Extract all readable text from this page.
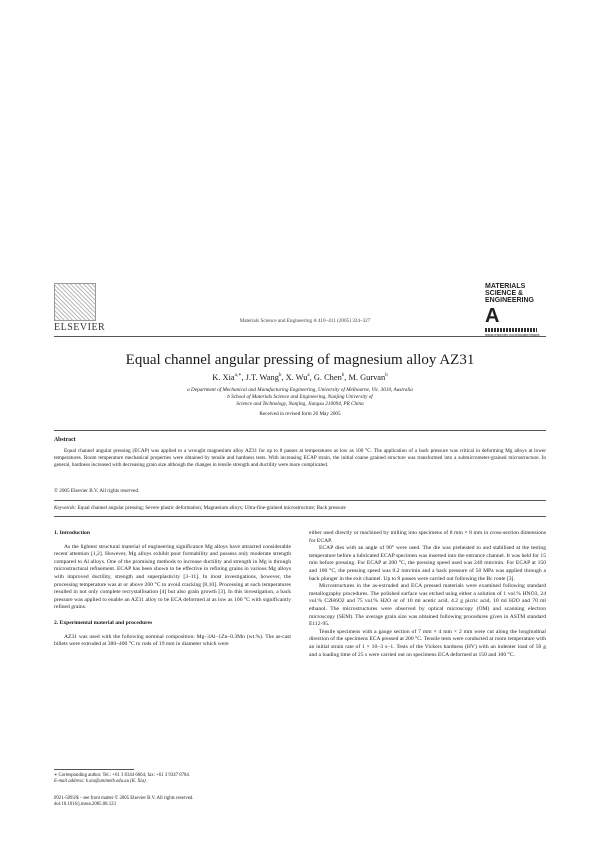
ELSEVIER
Materials Science and Engineering A 410–411 (2005) 324–327
MATERIALS
SCIENCE &
ENGINEERING
A
www.elsevier.com/locate/msea
Equal channel angular pressing of magnesium alloy AZ31
K. Xia$^{a,∗}$, J.T. Wang$^b$, X. Wu$^a$, G. Chen$^b$, M. Gurvan$^b$
a Department of Mechanical and Manufacturing Engineering, University of Melbourne, Vic. 3010, Australia
b School of Materials Science and Engineering, Nanjing University of
Science and Technology, Nanjing, Jiangsu 210094, PR China
Received in revised form 26 May 2005
Abstract
Equal channel angular pressing (ECAP) was applied to a wrought magnesium alloy AZ31 for up to 8 passes at temperatures as low as 100 °C. The application of a back pressure was critical in deforming Mg alloys at lower temperatures. Room temperature mechanical properties were obtained by tensile and hardness tests. With increasing ECAP strain, the initial coarse grained structure was transformed into a submicrometer-grained microstructure. In general, hardness increased with decreasing grain size although the changes in tensile strength and ductility were more complicated.
© 2005 Elsevier B.V. All rights reserved.
Keywords: Equal channel angular pressing; Severe plastic deformation; Magnesium alloys; Ultra-fine-grained microstructure; Back pressure

1. Introduction

As the lightest structural material of engineering significance Mg alloys have attracted considerable recent attention [1,2]. However, Mg alloys exhibit poor formability and possess only moderate strength compared to Al alloys. One of the promising methods to increase ductility and strength in Mg is through microstructural refinement. ECAP has been shown to be effective in refining grains in various Mg alloys with improved ductility, strength and superplasticity [3–11]. In most investigations, however, the processing temperature was at or above 200 °C to avoid cracking [8,10]. Processing at such temperatures resulted in not only complete recrystallisation [4] but also grain growth [3]. In this investigation, a back pressure was applied to enable an AZ31 alloy to be ECA deformed at as low as 100 °C with significantly refined grains.

2. Experimental material and procedures

AZ31 was used with the following nominal composition: Mg–3Al–1Zn–0.3Mn (wt.%). The as-cast billets were extruded at 380–400 °C to rods of 19 mm in diameter which were

either used directly or machined by milling into specimens of 8 mm × 8 mm in cross-section dimensions for ECAP.

ECAP dies with an angle of 90° were used. The die was preheated to and stabilised at the testing temperature before a lubricated ECAP specimen was inserted into the entrance channel. It was held for 15 min before pressing. For ECAP at 200 °C, the pressing speed used was 240 mm/min. For ECAP at 150 and 100 °C, the pressing speed was 0.2 mm/min and a back pressure of 50 MPa was applied through a back plunger in the exit channel. Up to 8 passes were carried out following the Bc route [3].

Microstructures in the as-extruded and ECA pressed materials were examined following standard metallography procedures. The polished surface was etched using either a solution of 1 vol.% HNO3, 24 vol.% C2H6O2 and 75 vol.% H2O or of 10 ml acetic acid, 4.2 g picric acid, 10 ml H2O and 70 ml ethanol. The microstructures were observed by optical microscopy (OM) and scanning electron microscopy (SEM). The average grain size was obtained following procedures given in ASTM standard E112-95.

Tensile specimens with a gauge section of 7 mm × 4 mm × 2 mm were cut along the longitudinal direction of the specimens ECA pressed at 200 °C. Tensile tests were conducted at room temperature with an initial strain rate of 1 × 10−3 s−1. Tests of the Vickers hardness (HV) with an indenter load of 50 g and a loading time of 25 s were carried out on specimens ECA deformed at 150 and 100 °C.

∗ Corresponding author. Tel.: +61 3 8344 6664; fax: +61 3 9347 8784.
E-mail address: k.xia@unimelb.edu.au (K. Xia).
0921-5093/$ – see front matter © 2005 Elsevier B.V. All rights reserved.
doi:10.1016/j.msea.2005.08.123
